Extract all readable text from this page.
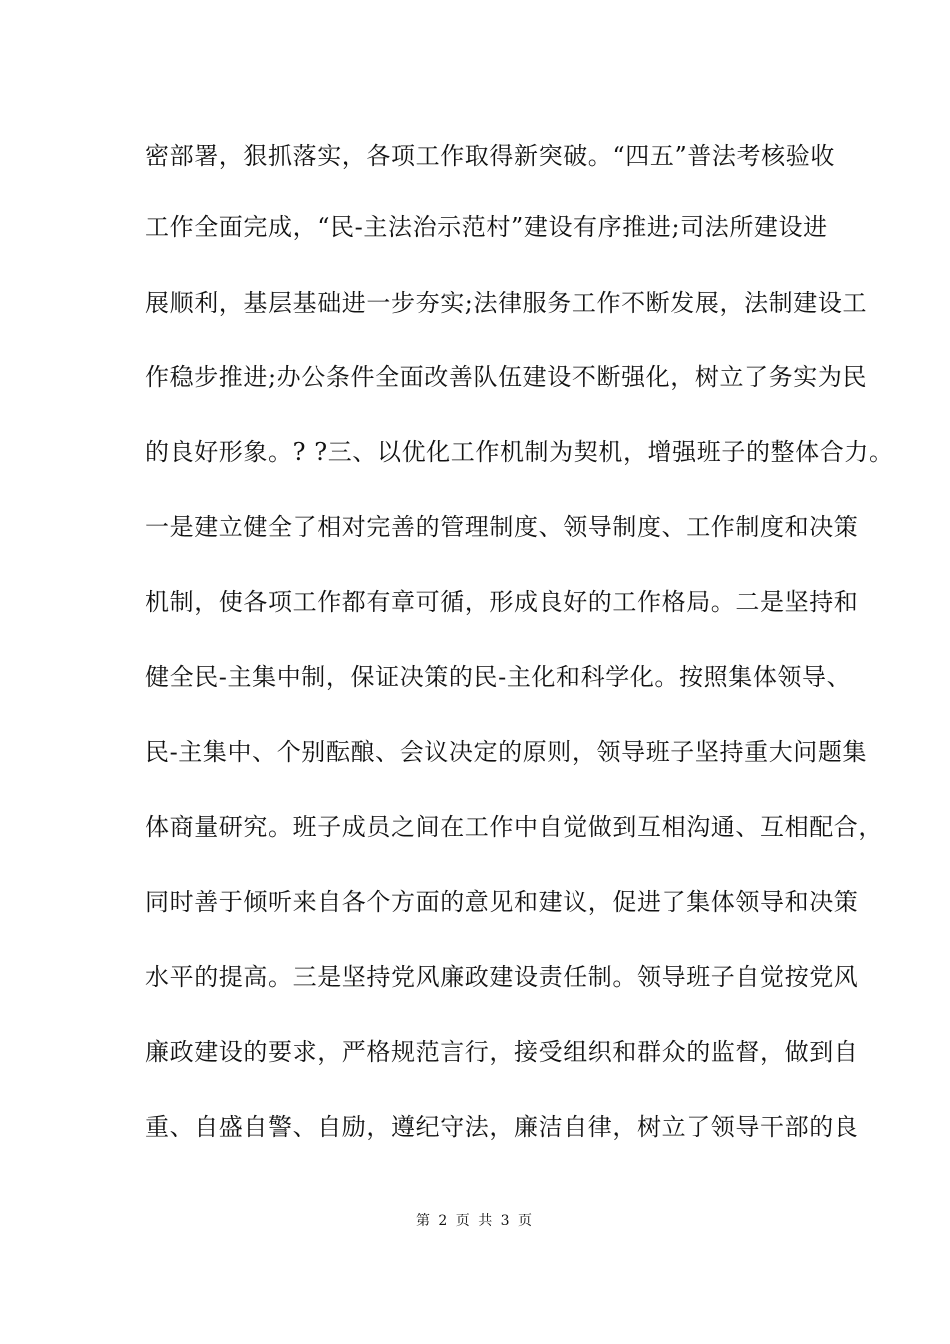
密部署，狠抓落实，各项工作取得新突破。“四五”普法考核验收
工作全面完成，“民-主法治示范村”建设有序推进;司法所建设进
展顺利，基层基础进一步夯实;法律服务工作不断发展，法制建设工
作稳步推进;办公条件全面改善队伍建设不断强化，树立了务实为民
的良好形象。? ?三、以优化工作机制为契机，增强班子的整体合力。
一是建立健全了相对完善的管理制度、领导制度、工作制度和决策
机制，使各项工作都有章可循，形成良好的工作格局。二是坚持和
健全民-主集中制，保证决策的民-主化和科学化。按照集体领导、
民-主集中、个别酝酿、会议决定的原则，领导班子坚持重大问题集
体商量研究。班子成员之间在工作中自觉做到互相沟通、互相配合，
同时善于倾听来自各个方面的意见和建议，促进了集体领导和决策
水平的提高。三是坚持党风廉政建设责任制。领导班子自觉按党风
廉政建设的要求，严格规范言行，接受组织和群众的监督，做到自
重、自盛自警、自励，遵纪守法，廉洁自律，树立了领导干部的良
第 2 页 共 3 页
